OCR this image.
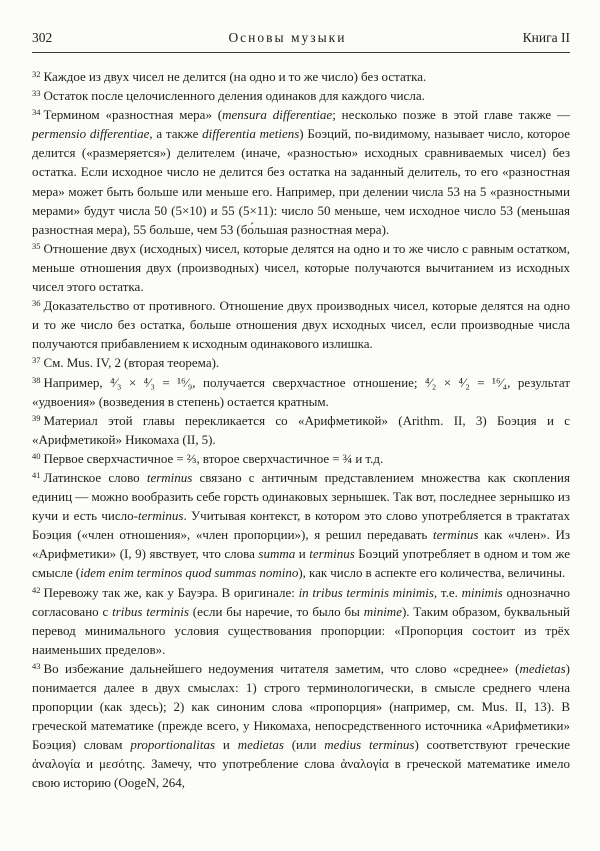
302	Основы музыки	Книга II

$^{32}$ Каждое из двух чисел не делится (на одно и то же число) без остатка.

$^{33}$ Остаток после целочисленного деления одинаков для каждого числа.

$^{34}$ Термином «разностная мера» (mensura differentiae; несколько позже в этой главе также — permensio differentiae, а также differentia metiens) Боэций, по-видимому, называет число, которое делится («размеряется») делителем (иначе, «разностью» исходных сравниваемых чисел) без остатка. Если исходное число не делится без остатка на заданный делитель, то его «разностная мера» может быть больше или меньше его. Например, при делении числа 53 на 5 «разностными мерами» будут числа 50 (5×10) и 55 (5×11): число 50 меньше, чем исходное число 53 (меньшая разностная мера), 55 больше, чем 53 (бо́льшая разностная мера).

$^{35}$ Отношение двух (исходных) чисел, которые делятся на одно и то же число с равным остатком, меньше отношения двух (производных) чисел, которые получаются вычитанием из исходных чисел этого остатка.

$^{36}$ Доказательство от противного. Отношение двух производных чисел, которые делятся на одно и то же число без остатка, больше отношения двух исходных чисел, если производные числа получаются прибавлением к исходным одинакового излишка.

$^{37}$ См. Mus. IV, 2 (вторая теорема).

$^{38}$ Например, ⁴⁄₃ × ⁴⁄₃ = ¹⁶⁄₉, получается сверхчастное отношение; ⁴⁄₂ × ⁴⁄₂ = ¹⁶⁄₄, результат «удвоения» (возведения в степень) остается кратным.

$^{39}$ Материал этой главы перекликается со «Арифметикой» (Arithm. II, 3) Боэция и с «Арифметикой» Никомаха (II, 5).

$^{40}$ Первое сверхчастичное = ⅔, второе сверхчастичное = ¾ и т.д.

$^{41}$ Латинское слово terminus связано с античным представлением множества как скопления единиц — можно вообразить себе горсть одинаковых зернышек. Так вот, последнее зернышко из кучи и есть число-terminus. Учитывая контекст, в котором это слово употребляется в трактатах Боэция («член отношения», «член пропорции»), я решил передавать terminus как «член». Из «Арифметики» (I, 9) явствует, что слова summa и terminus Боэций употребляет в одном и том же смысле (idem enim terminos quod summas nomino), как число в аспекте его количества, величины.

$^{42}$ Перевожу так же, как у Бауэра. В оригинале: in tribus terminis minimis, т.е. minimis однозначно согласовано с tribus terminis (если бы наречие, то было бы minime). Таким образом, буквальный перевод минимального условия существования пропорции: «Пропорция состоит из трёх наименьших пределов».

$^{43}$ Во избежание дальнейшего недоумения читателя заметим, что слово «среднее» (medietas) понимается далее в двух смыслах: 1) строго терминологически, в смысле среднего члена пропорции (как здесь); 2) как синоним слова «пропорция» (например, см. Mus. II, 13). В греческой математике (прежде всего, у Никомаха, непосредственного источника «Арифметики» Боэция) словам proportionalitas и medietas (или medius terminus) соответствуют греческие ἀναλογία и μεσότης. Замечу, что употребление слова ἀναλογία в греческой математике имело свою историю (OogeN, 264,
